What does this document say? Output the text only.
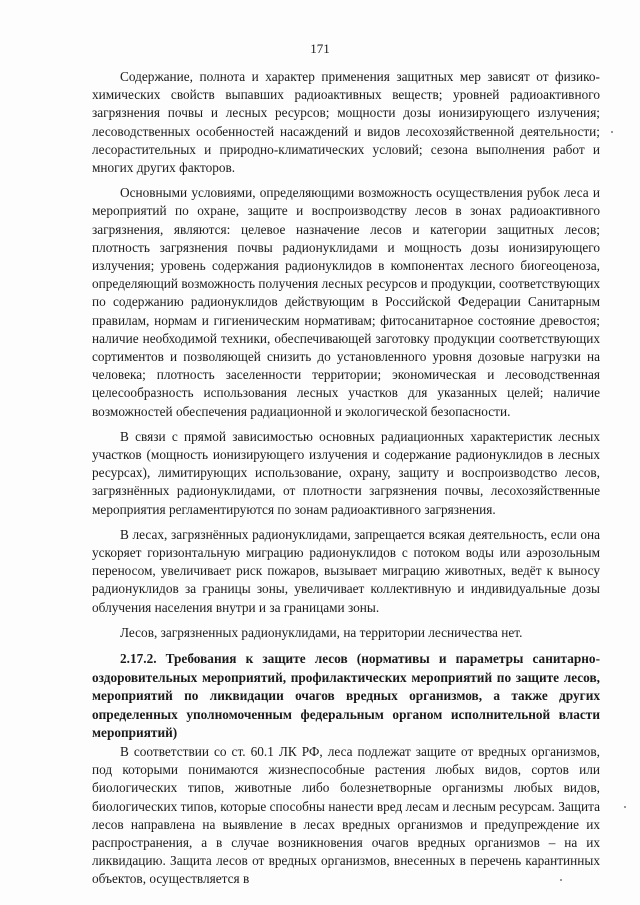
171

Содержание, полнота и характер применения защитных мер зависят от физико-химических свойств выпавших радиоактивных веществ; уровней радиоактивного загрязнения почвы и лесных ресурсов; мощности дозы ионизирующего излучения; лесоводственных особенностей насаждений и видов лесохозяйственной деятельности; лесорастительных и природно-климатических условий; сезона выполнения работ и многих других факторов.

Основными условиями, определяющими возможность осуществления рубок леса и мероприятий по охране, защите и воспроизводству лесов в зонах радиоактивного загрязнения, являются: целевое назначение лесов и категории защитных лесов; плотность загрязнения почвы радионуклидами и мощность дозы ионизирующего излучения; уровень содержания радионуклидов в компонентах лесного биогеоценоза, определяющий возможность получения лесных ресурсов и продукции, соответствующих по содержанию радионуклидов действующим в Российской Федерации Санитарным правилам, нормам и гигиеническим нормативам; фитосанитарное состояние древостоя; наличие необходимой техники, обеспечивающей заготовку продукции соответствующих сортиментов и позволяющей снизить до установленного уровня дозовые нагрузки на человека; плотность заселенности территории; экономическая и лесоводственная целесообразность использования лесных участков для указанных целей; наличие возможностей обеспечения радиационной и экологической безопасности.

В связи с прямой зависимостью основных радиационных характеристик лесных участков (мощность ионизирующего излучения и содержание радионуклидов в лесных ресурсах), лимитирующих использование, охрану, защиту и воспроизводство лесов, загрязнённых радионуклидами, от плотности загрязнения почвы, лесохозяйственные мероприятия регламентируются по зонам радиоактивного загрязнения.

В лесах, загрязнённых радионуклидами, запрещается всякая деятельность, если она ускоряет горизонтальную миграцию радионуклидов с потоком воды или аэрозольным переносом, увеличивает риск пожаров, вызывает миграцию животных, ведёт к выносу радионуклидов за границы зоны, увеличивает коллективную и индивидуальные дозы облучения населения внутри и за границами зоны.

Лесов, загрязненных радионуклидами, на территории лесничества нет.

2.17.2. Требования к защите лесов (нормативы и параметры санитарно-оздоровительных мероприятий, профилактических мероприятий по защите лесов, мероприятий по ликвидации очагов вредных организмов, а также других определенных уполномоченным федеральным органом исполнительной власти мероприятий)

В соответствии со ст. 60.1 ЛК РФ, леса подлежат защите от вредных организмов, под которыми понимаются жизнеспособные растения любых видов, сортов или биологических типов, животные либо болезнетворные организмы любых видов, биологических типов, которые способны нанести вред лесам и лесным ресурсам. Защита лесов направлена на выявление в лесах вредных организмов и предупреждение их распространения, а в случае возникновения очагов вредных организмов – на их ликвидацию. Защита лесов от вредных организмов, внесенных в перечень карантинных объектов, осуществляется в
